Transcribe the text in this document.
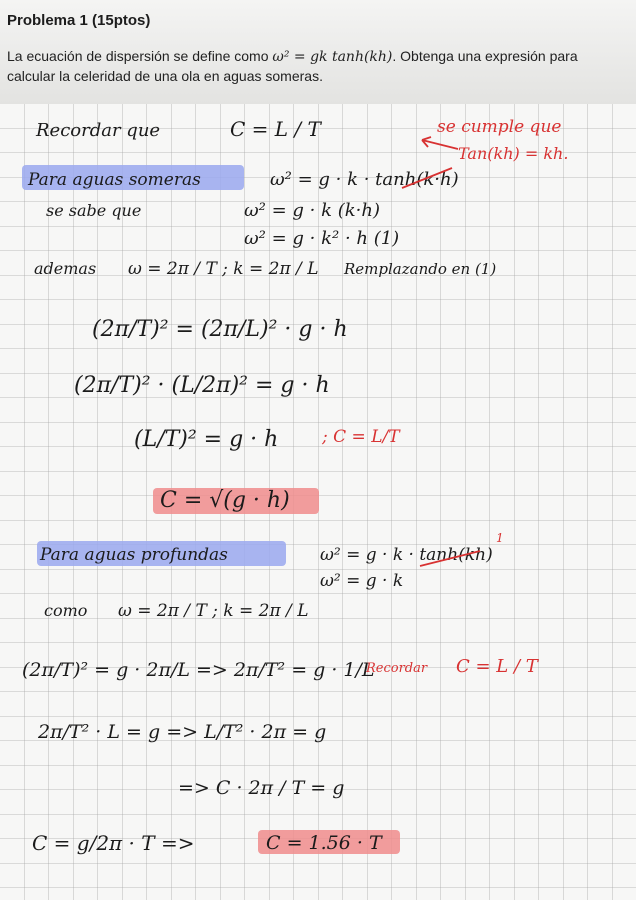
Problema 1 (15ptos)
La ecuación de dispersión se define como ω² = gk tanh(kh). Obtenga una expresión para calcular la celeridad de una ola en aguas someras.
Recordar que	C = L / T	se cumple que
Tan(kh) = kh.
Para aguas someras	ω² = g · k · tanh(k·h)
se sabe que	ω² = g · k (k·h)
ω² = g · k² · h (1)
ademas ω = 2π / T ; k = 2π / L Remplazando en (1)
(2π/T)² = (2π/L)² · g · h
(2π/T)² · (L/2π)² = g · h
(L/T)² = g · h	; C = L/T
C = √(g · h)
Para aguas profundas	ω² = g · k · tanh(kh)
1
ω² = g · k
como ω = 2π / T ; k = 2π / L
(2π/T)² = g · 2π/L => 2π/T² = g · 1/L
Recordar C = L / T
2π/T² · L = g => L/T² · 2π = g
=> C · 2π / T = g
C = g/2π · T =>	C = 1.56 · T
